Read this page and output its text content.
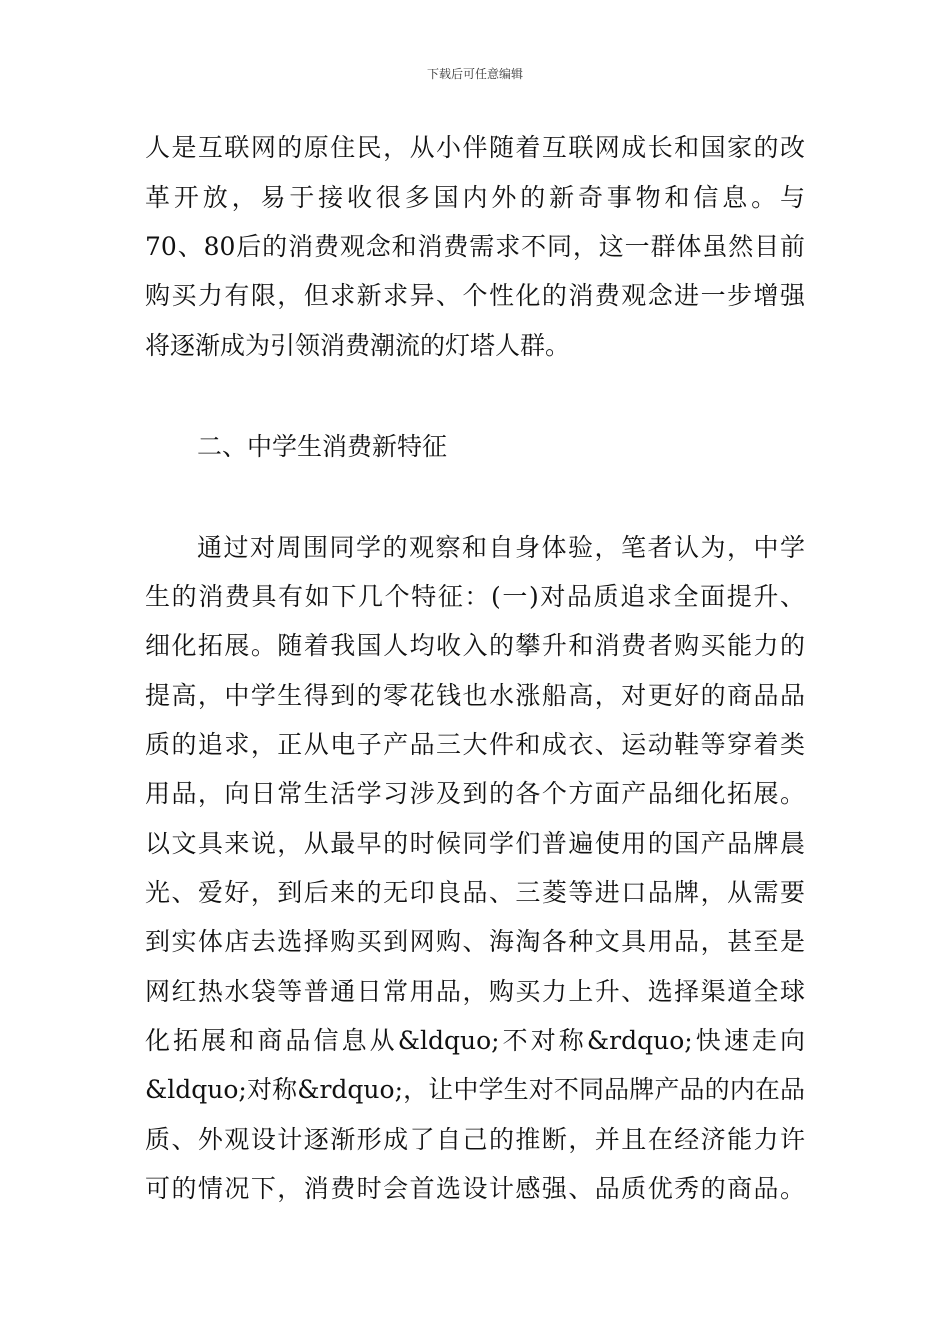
下载后可任意编辑
人是互联网的原住民，从小伴随着互联网成长和国家的改
革开放，易于接收很多国内外的新奇事物和信息。与
70、80后的消费观念和消费需求不同，这一群体虽然目前
购买力有限，但求新求异、个性化的消费观念进一步增强
将逐渐成为引领消费潮流的灯塔人群。
二、中学生消费新特征
通过对周围同学的观察和自身体验，笔者认为，中学
生的消费具有如下几个特征：(一)对品质追求全面提升、
细化拓展。随着我国人均收入的攀升和消费者购买能力的
提高，中学生得到的零花钱也水涨船高，对更好的商品品
质的追求，正从电子产品三大件和成衣、运动鞋等穿着类
用品，向日常生活学习涉及到的各个方面产品细化拓展。
以文具来说，从最早的时候同学们普遍使用的国产品牌晨
光、爱好，到后来的无印良品、三菱等进口品牌，从需要
到实体店去选择购买到网购、海淘各种文具用品，甚至是
网红热水袋等普通日常用品，购买力上升、选择渠道全球
化拓展和商品信息从&ldquo;不对称&rdquo;快速走向
&ldquo;对称&rdquo;，让中学生对不同品牌产品的内在品
质、外观设计逐渐形成了自己的推断，并且在经济能力许
可的情况下，消费时会首选设计感强、品质优秀的商品。
